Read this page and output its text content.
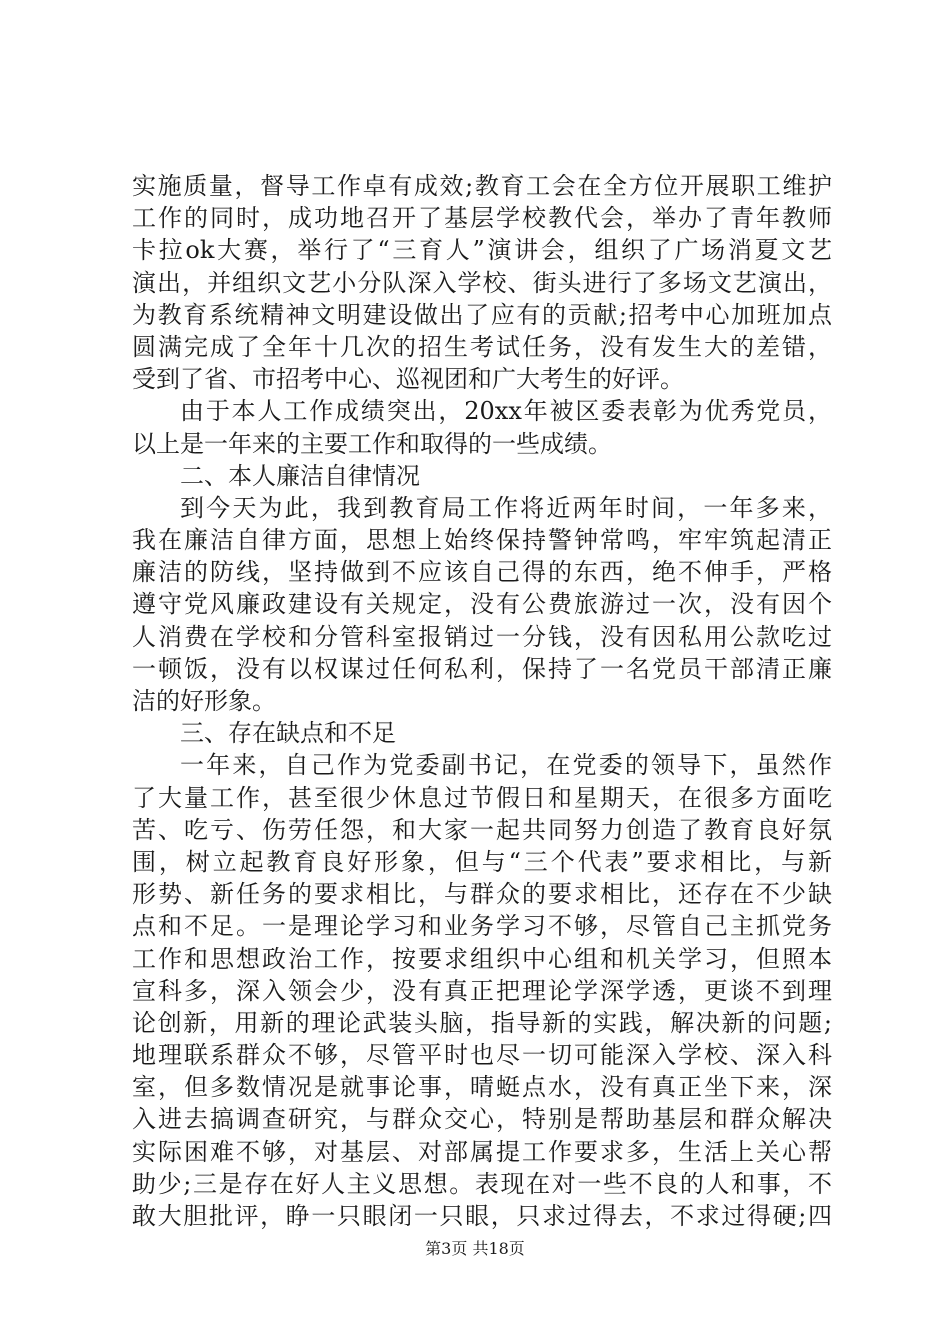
实施质量，督导工作卓有成效;教育工会在全方位开展职工维护
工作的同时，成功地召开了基层学校教代会，举办了青年教师
卡拉ok大赛，举行了“三育人”演讲会，组织了广场消夏文艺
演出，并组织文艺小分队深入学校、街头进行了多场文艺演出，
为教育系统精神文明建设做出了应有的贡献;招考中心加班加点
圆满完成了全年十几次的招生考试任务，没有发生大的差错，
受到了省、市招考中心、巡视团和广大考生的好评。
由于本人工作成绩突出，20xx年被区委表彰为优秀党员，
以上是一年来的主要工作和取得的一些成绩。
二、本人廉洁自律情况
到今天为此，我到教育局工作将近两年时间，一年多来，
我在廉洁自律方面，思想上始终保持警钟常鸣，牢牢筑起清正
廉洁的防线，坚持做到不应该自己得的东西，绝不伸手，严格
遵守党风廉政建设有关规定，没有公费旅游过一次，没有因个
人消费在学校和分管科室报销过一分钱，没有因私用公款吃过
一顿饭，没有以权谋过任何私利，保持了一名党员干部清正廉
洁的好形象。
三、存在缺点和不足
一年来，自己作为党委副书记，在党委的领导下，虽然作
了大量工作，甚至很少休息过节假日和星期天，在很多方面吃
苦、吃亏、伤劳任怨，和大家一起共同努力创造了教育良好氛
围，树立起教育良好形象，但与“三个代表”要求相比，与新
形势、新任务的要求相比，与群众的要求相比，还存在不少缺
点和不足。一是理论学习和业务学习不够，尽管自己主抓党务
工作和思想政治工作，按要求组织中心组和机关学习，但照本
宣科多，深入领会少，没有真正把理论学深学透，更谈不到理
论创新，用新的理论武装头脑，指导新的实践，解决新的问题;
地理联系群众不够，尽管平时也尽一切可能深入学校、深入科
室，但多数情况是就事论事，晴蜓点水，没有真正坐下来，深
入进去搞调查研究，与群众交心，特别是帮助基层和群众解决
实际困难不够，对基层、对部属提工作要求多，生活上关心帮
助少;三是存在好人主义思想。表现在对一些不良的人和事，不
敢大胆批评，睁一只眼闭一只眼，只求过得去，不求过得硬;四
第3页 共18页
